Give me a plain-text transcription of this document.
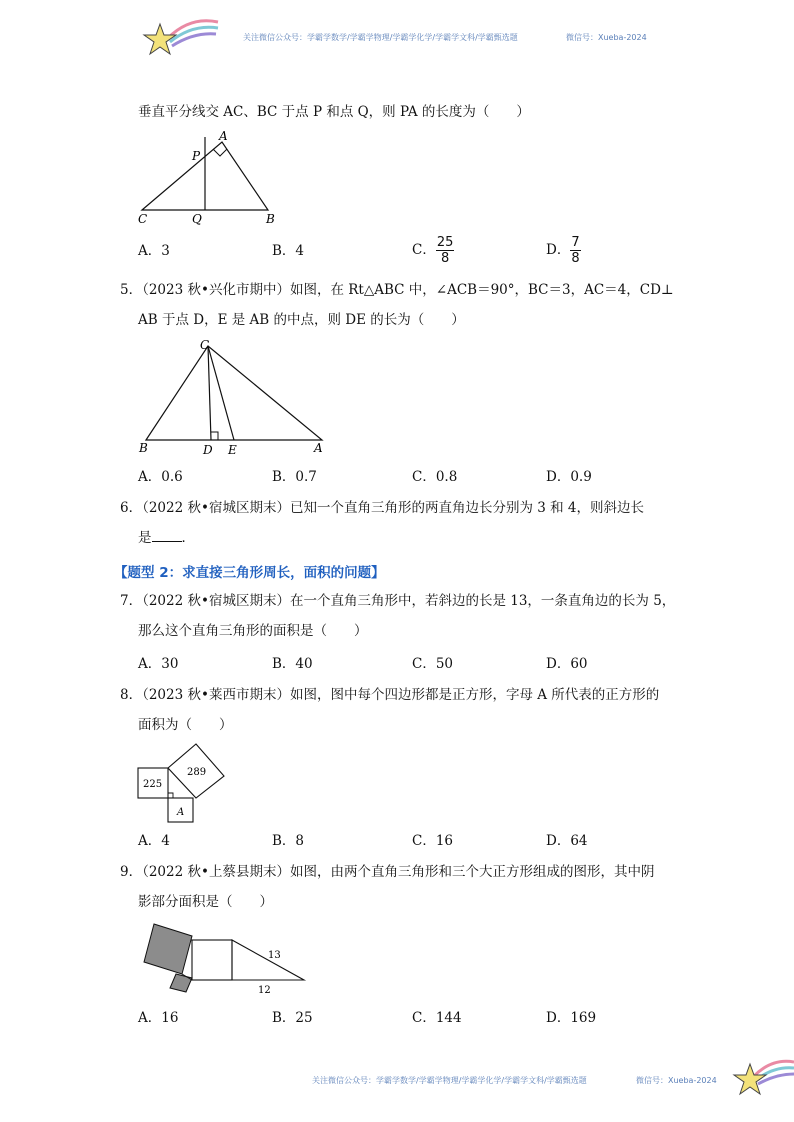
关注微信公众号：学霸学数学/学霸学物理/学霸学化学/学霸学文科/学霸甄选题	微信号：Xueba-2024
垂直平分线交 AC、BC 于点 P 和点 Q，则 PA 的长度为（　　）
A
P
C	Q	B
A．3	B．4	C． $\frac{25}{8}$	D． $\frac{7}{8}$
5．（2023 秋•兴化市期中）如图，在 Rt△ABC 中，∠ACB＝90°，BC＝3，AC＝4，CD⊥
AB 于点 D，E 是 AB 的中点，则 DE 的长为（　　）
C
B	D E	A
A．0.6	B．0.7	C．0.8	D．0.9
6．（2022 秋•宿城区期末）已知一个直角三角形的两直角边长分别为 3 和 4，则斜边长
是 ．
【题型 2：求直接三角形周长，面积的问题】
7．（2022 秋•宿城区期末）在一个直角三角形中，若斜边的长是 13，一条直角边的长为 5，
那么这个直角三角形的面积是（　　）
A．30	B．40	C．50	D．60
8．（2023 秋•莱西市期末）如图，图中每个四边形都是正方形，字母 A 所代表的正方形的
面积为（　　）
225
289
A
A．4	B．8	C．16	D．64
9．（2022 秋•上蔡县期末）如图，由两个直角三角形和三个大正方形组成的图形，其中阴
影部分面积是（　　）
13
12
A．16	B．25	C．144	D．169
关注微信公众号：学霸学数学/学霸学物理/学霸学化学/学霸学文科/学霸甄选题	微信号：Xueba-2024
